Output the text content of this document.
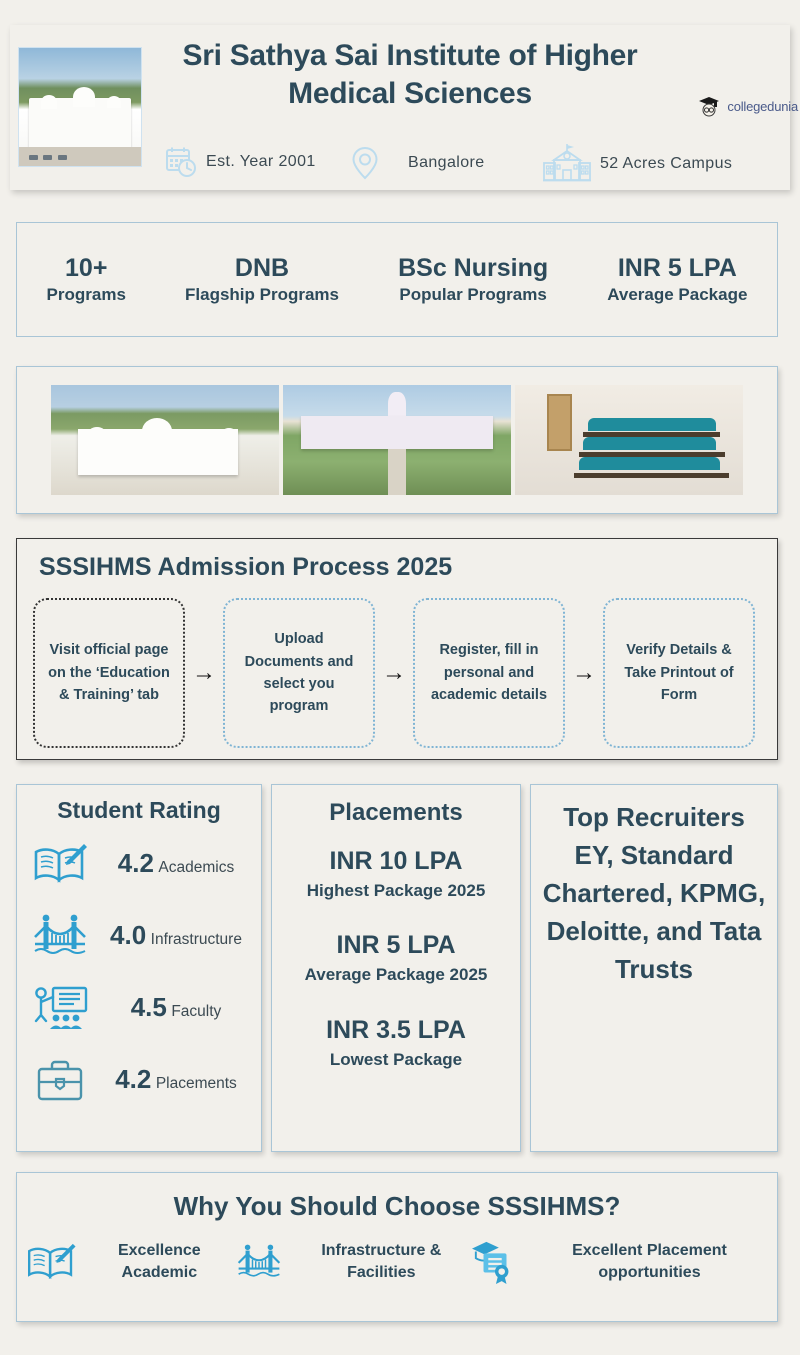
Sri Sathya Sai Institute of Higher Medical Sciences
Est. Year 2001	Bangalore	52 Acres Campus
collegedunia
10+
Programs
DNB
Flagship Programs
BSc Nursing
Popular Programs
INR 5 LPA
Average Package
SSSIHMS Admission Process 2025
Visit official page on the ‘Education & Training’ tab
→
Upload Documents and select you program
→
Register, fill in personal and academic details
→
Verify Details & Take Printout of Form
Student Rating
4.2 Academics
4.0 Infrastructure
4.5 Faculty
4.2 Placements
Placements
INR 10 LPA
Highest Package 2025
INR 5 LPA
Average Package 2025
INR 3.5 LPA
Lowest Package
Top Recruiters
EY, Standard Chartered, KPMG, Deloitte, and Tata Trusts
Why You Should Choose SSSIHMS?
Excellence Academic
Infrastructure & Facilities
Excellent Placement opportunities
